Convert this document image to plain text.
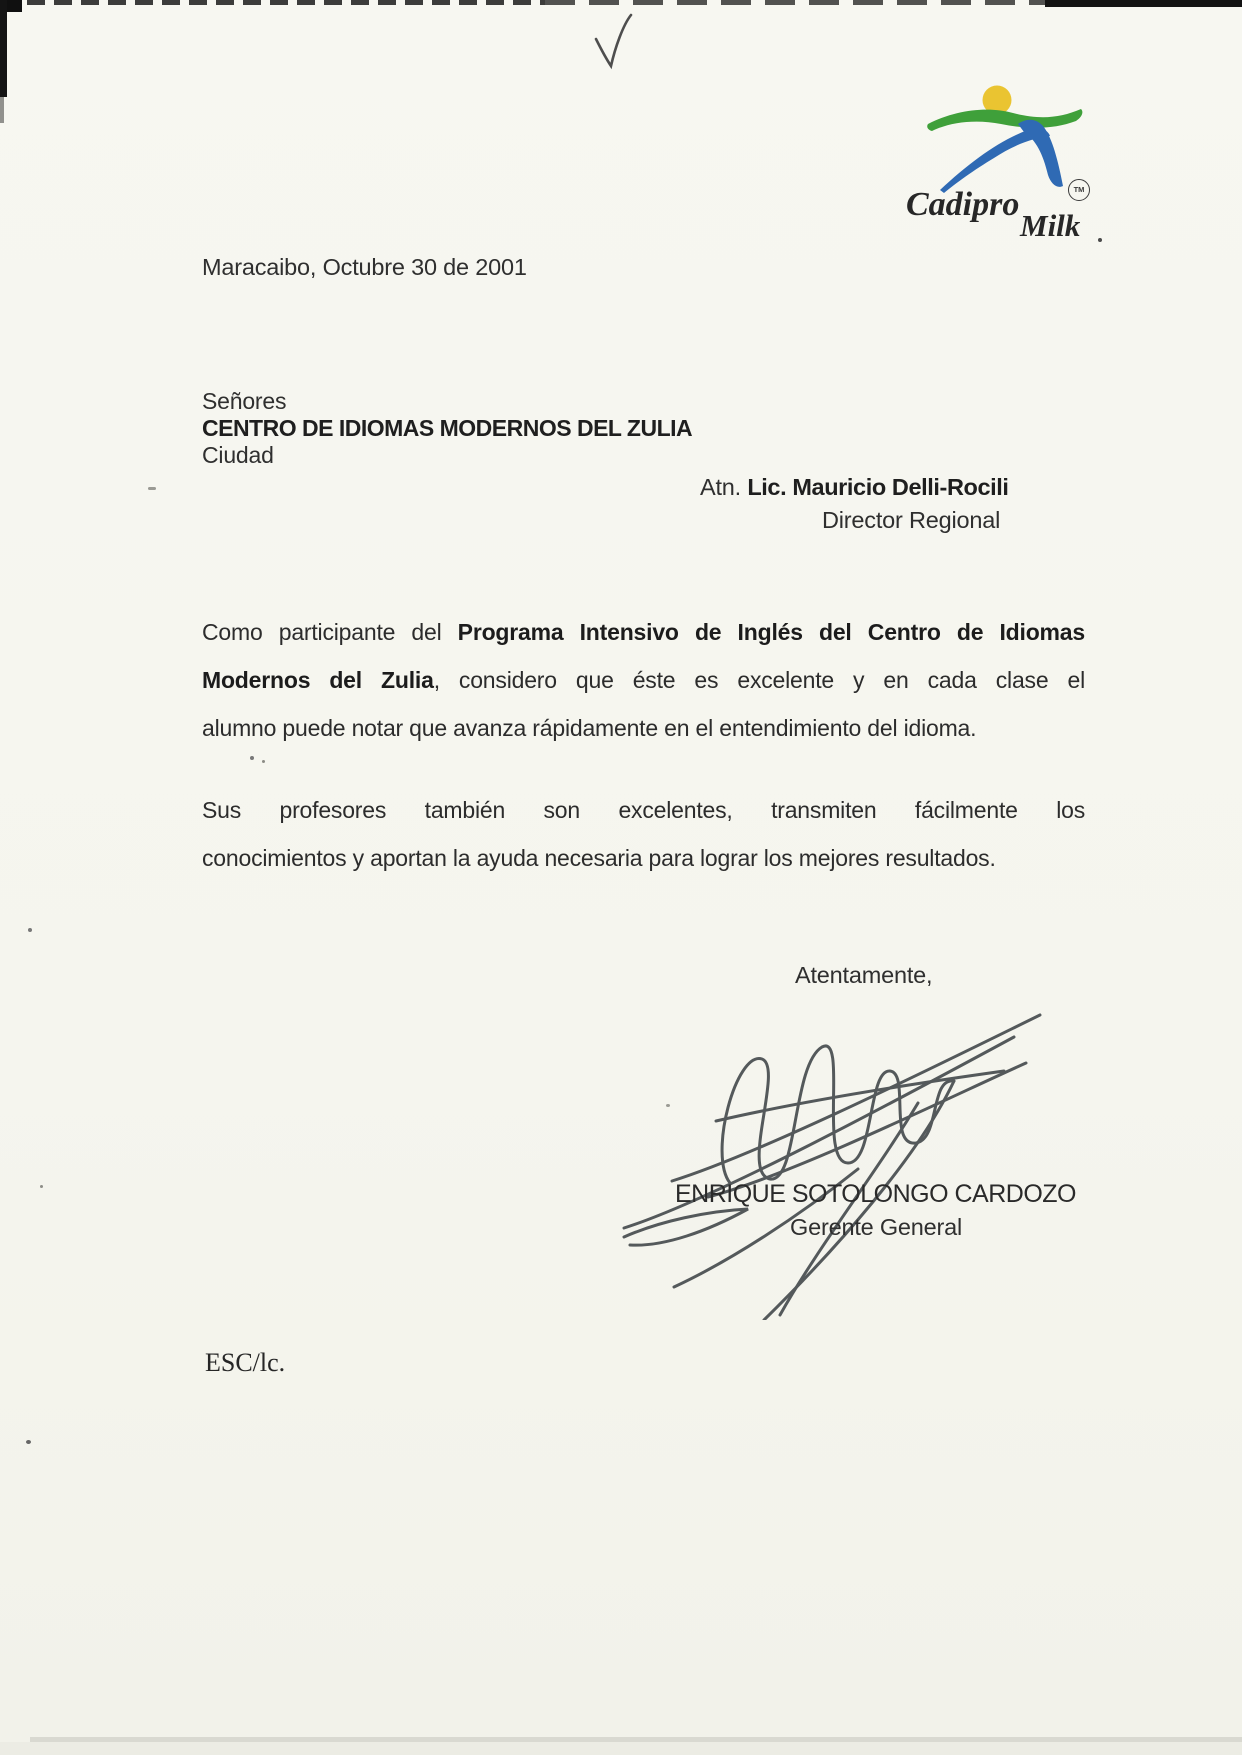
Cadipro
Milk
TM
Maracaibo, Octubre 30 de 2001
Señores
CENTRO DE IDIOMAS MODERNOS DEL ZULIA
Ciudad
Atn. Lic. Mauricio Delli-Rocili
Director Regional
Como participante del Programa Intensivo de Inglés del Centro de Idiomas
Modernos del Zulia, considero que éste es excelente y en cada clase el
alumno puede notar que avanza rápidamente en el entendimiento del idioma.
Sus profesores también son excelentes, transmiten fácilmente los
conocimientos y aportan la ayuda necesaria para lograr los mejores resultados.
Atentamente,
ENRIQUE SOTOLONGO CARDOZO
Gerente General
ESC/lc.
